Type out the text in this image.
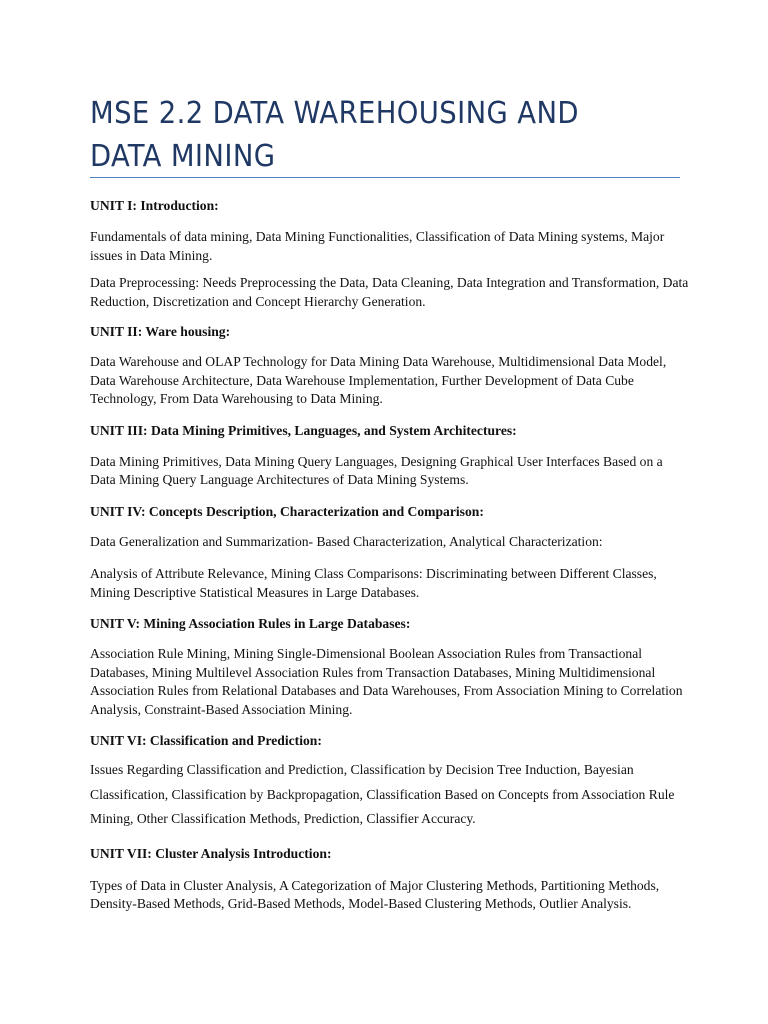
MSE 2.2 DATA WAREHOUSING AND
DATA MINING
UNIT I: Introduction:

Fundamentals of data mining, Data Mining Functionalities, Classification of Data Mining systems, Major issues in Data Mining.

Data Preprocessing: Needs Preprocessing the Data, Data Cleaning, Data Integration and Transformation, Data Reduction, Discretization and Concept Hierarchy Generation.

UNIT II: Ware housing:

Data Warehouse and OLAP Technology for Data Mining Data Warehouse, Multidimensional Data Model, Data Warehouse Architecture, Data Warehouse Implementation, Further Development of Data Cube Technology, From Data Warehousing to Data Mining.

UNIT III: Data Mining Primitives, Languages, and System Architectures:

Data Mining Primitives, Data Mining Query Languages, Designing Graphical User Interfaces Based on a Data Mining Query Language Architectures of Data Mining Systems.

UNIT IV: Concepts Description, Characterization and Comparison:

Data Generalization and Summarization- Based Characterization, Analytical Characterization:

Analysis of Attribute Relevance, Mining Class Comparisons: Discriminating between Different Classes, Mining Descriptive Statistical Measures in Large Databases.

UNIT V: Mining Association Rules in Large Databases:

Association Rule Mining, Mining Single-Dimensional Boolean Association Rules from Transactional Databases, Mining Multilevel Association Rules from Transaction Databases, Mining Multidimensional Association Rules from Relational Databases and Data Warehouses, From Association Mining to Correlation Analysis, Constraint-Based Association Mining.

UNIT VI: Classification and Prediction:

Issues Regarding Classification and Prediction, Classification by Decision Tree Induction, Bayesian Classification, Classification by Backpropagation, Classification Based on Concepts from Association Rule Mining, Other Classification Methods, Prediction, Classifier Accuracy.

UNIT VII: Cluster Analysis Introduction:

Types of Data in Cluster Analysis, A Categorization of Major Clustering Methods, Partitioning Methods, Density-Based Methods, Grid-Based Methods, Model-Based Clustering Methods, Outlier Analysis.
